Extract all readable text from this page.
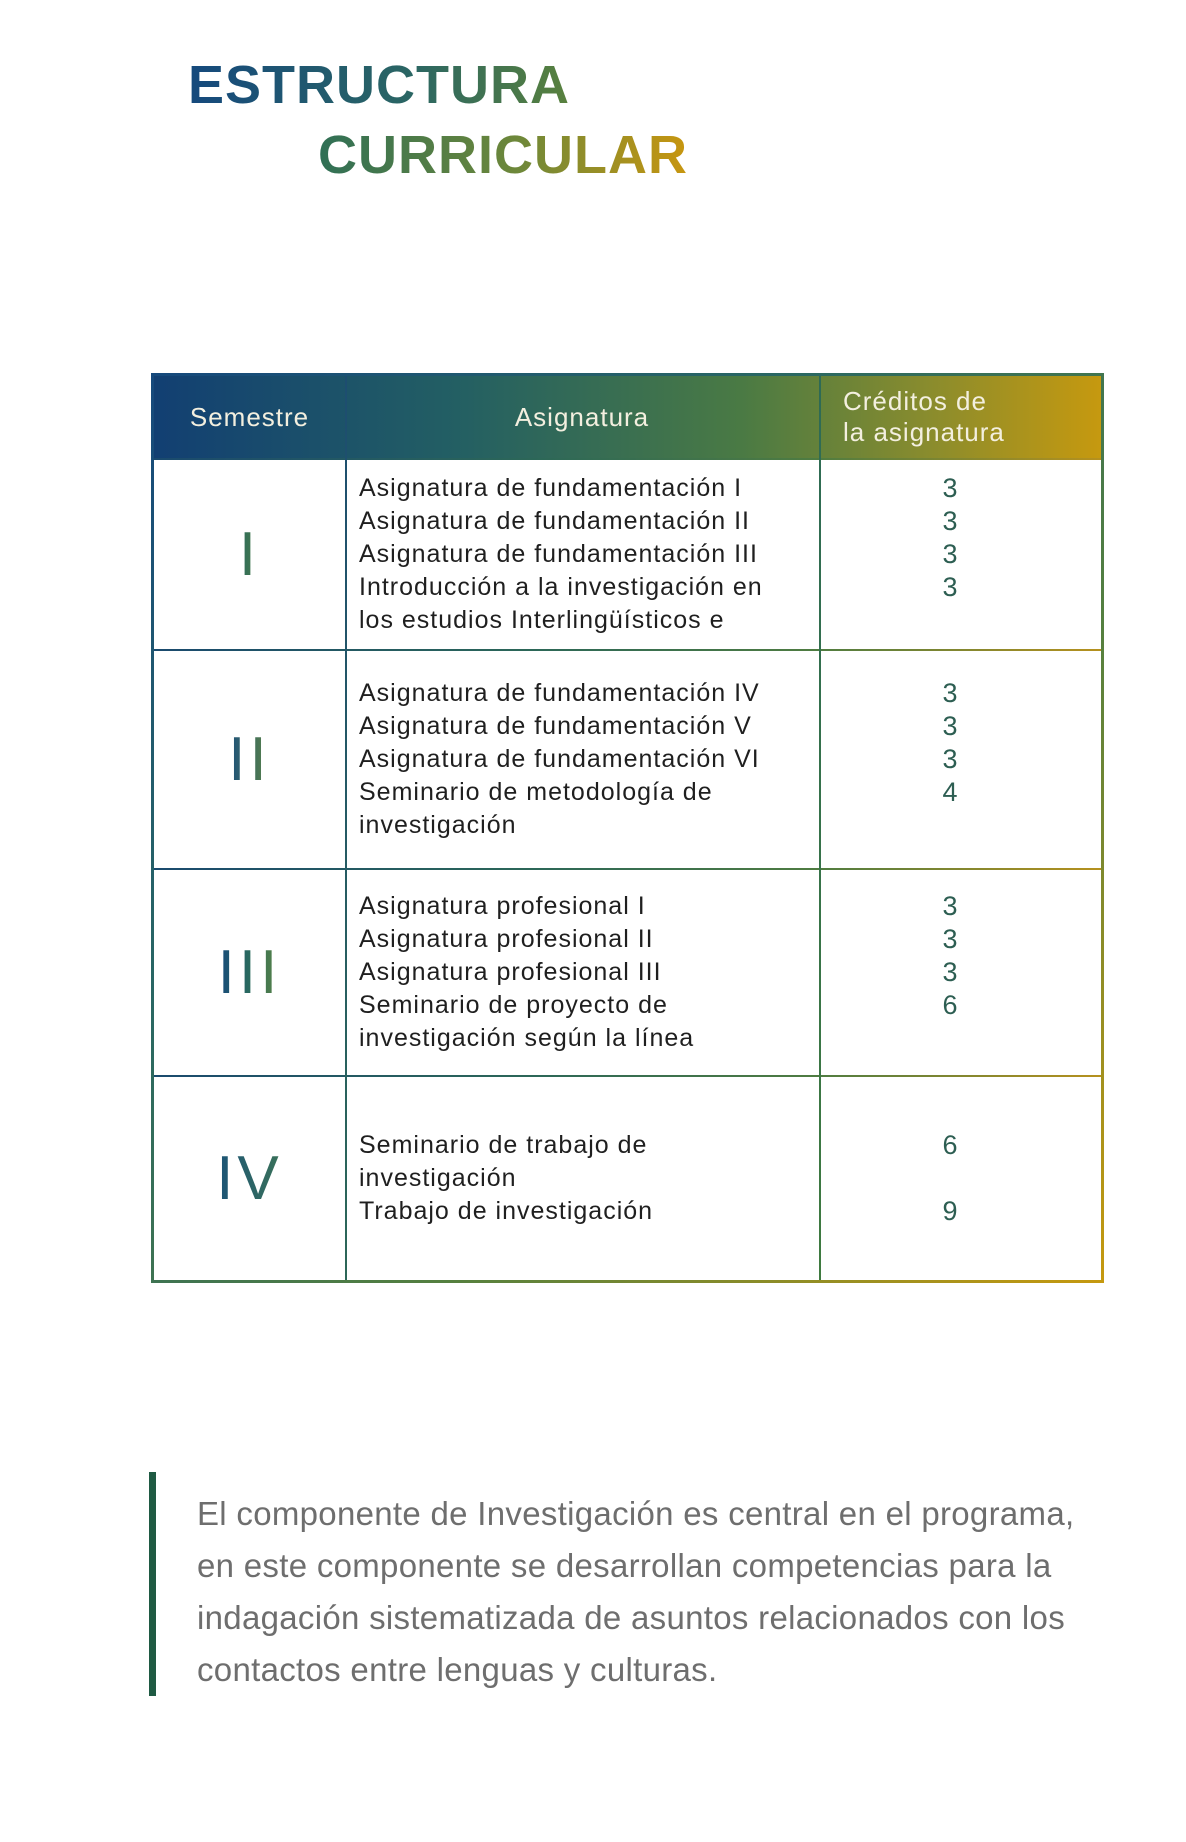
ESTRUCTURA
CURRICULAR
Semestre	Asignatura
Créditos de
la asignatura
I
Asignatura de fundamentación I
Asignatura de fundamentación II
Asignatura de fundamentación III
Introducción a la investigación en
los estudios Interlingüísticos e
3
3
3
3
II
Asignatura de fundamentación IV
Asignatura de fundamentación V
Asignatura de fundamentación VI
Seminario de metodología de
investigación
3
3
3
4
III
Asignatura profesional I
Asignatura profesional II
Asignatura profesional III
Seminario de proyecto de
investigación según la línea
3
3
3
6
IV	Seminario de trabajo de
investigación
Trabajo de investigación
6
9
El componente de Investigación es central en el programa,
en este componente se desarrollan competencias para la
indagación sistematizada de asuntos relacionados con los
contactos entre lenguas y culturas.
